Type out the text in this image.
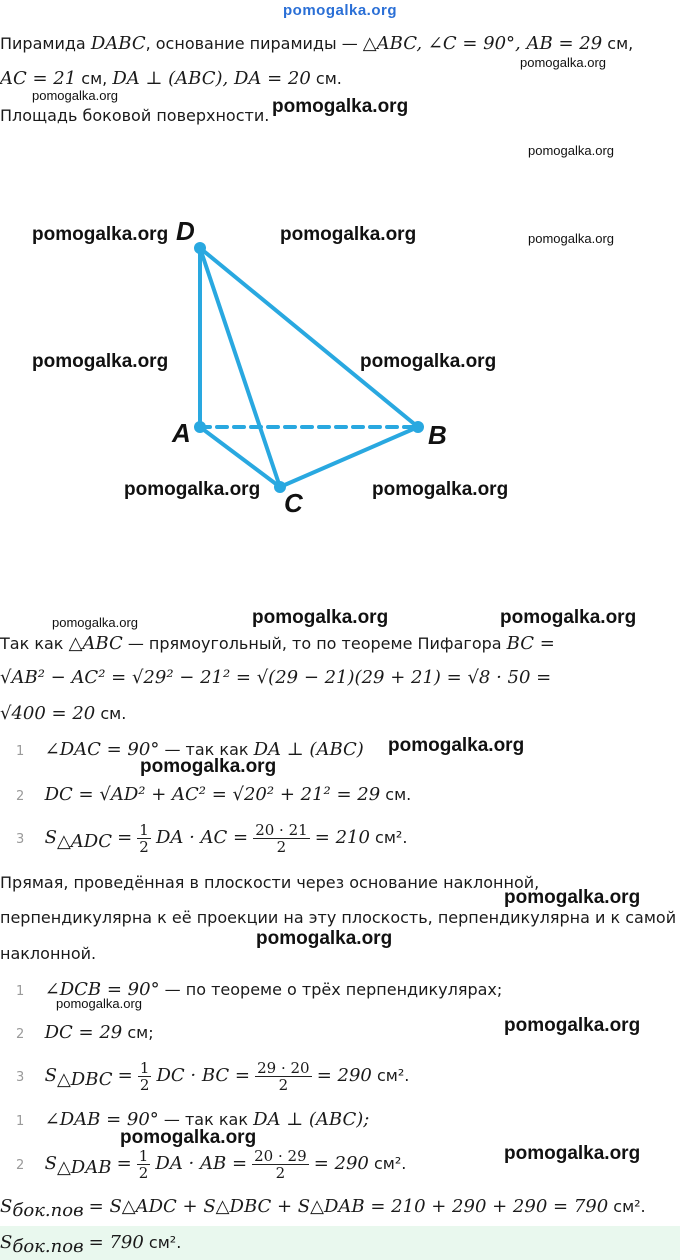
pomogalka.org
Пирамида DABC, основание пирамиды — △ABC, ∠C = 90°, AB = 29 см,
pomogalka.org
AC = 21 см, DA ⊥ (ABC), DA = 20 см.
pomogalka.org
Площадь боковой поверхности. pomogalka.org
pomogalka.org
D
A	B
C
pomogalka.org	pomogalka.org	pomogalka.org
pomogalka.org	pomogalka.org
pomogalka.org	pomogalka.org
pomogalka.org	pomogalka.org	pomogalka.org
Так как △ABC — прямоугольный, то по теореме Пифагора BC =
√AB² − AC² = √29² − 21² = √(29 − 21)(29 + 21) = √8 · 50 =
√400 = 20 см.
1 ∠DAC = 90° — так как DA ⊥ (ABC) pomogalka.org
pomogalka.org
2 DC = √AD² + AC² = √20² + 21² = 29 см.
3 $S_{\triangle ADC} = \frac{1}{2}$ DA · AC = $\frac{20 \cdot 21}{2} = 210$ см².
Прямая, проведённая в плоскости через основание наклонной,
pomogalka.org
перпендикулярна к её проекции на эту плоскость, перпендикулярна и к самой
pomogalka.org
наклонной.
1 ∠DCB = 90° — по теореме о трёх перпендикулярах;
pomogalka.org
2 DC = 29 см;	pomogalka.org
3 $S_{\triangle DBC} = \frac{1}{2}$ DC · BC = $\frac{29 \cdot 20}{2} = 290$ см².
1 ∠DAB = 90° — так как DA ⊥ (ABC);
pomogalka.org
pomogalka.org
2 $S_{\triangle DAB} = \frac{1}{2}$ DA · AB = $\frac{20 \cdot 29}{2} = 290$ см².
$S_{бок.пов}$ = S△ADC + S△DBC + S△DAB = 210 + 290 + 290 = 790 см².
$S_{бок.пов} = 790$ см².
